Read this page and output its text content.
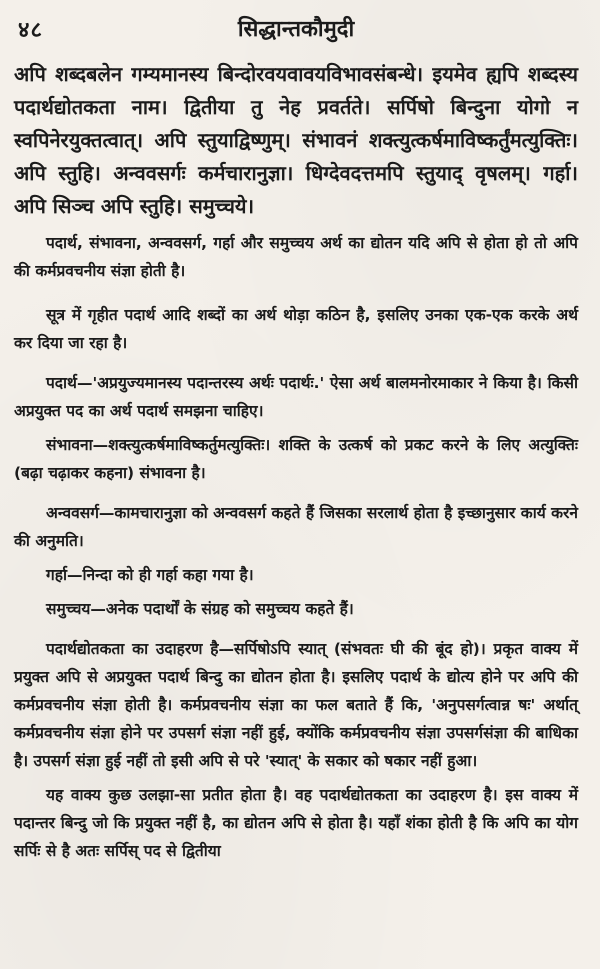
४८	सिद्धान्तकौमुदी
अपि शब्दबलेन गम्यमानस्य बिन्दोरवयवावयविभावसंबन्धे। इयमेव ह्यपि शब्दस्य पदार्थद्योतकता नाम। द्वितीया तु नेह प्रवर्तते। सर्पिषो बिन्दुना योगो न स्वपिनेरयुक्तत्वात्। अपि स्तुयाद्विष्णुम्। संभावनं शक्त्युत्कर्षमाविष्कर्तुंमत्युक्तिः। अपि स्तुहि। अन्ववसर्गः कर्मचारानुज्ञा। धिग्देवदत्तमपि स्तुयाद् वृषलम्। गर्हा। अपि सिञ्च अपि स्तुहि। समुच्चये।

पदार्थ, संभावना, अन्ववसर्ग, गर्हा और समुच्चय अर्थ का द्योतन यदि अपि से होता हो तो अपि की कर्मप्रवचनीय संज्ञा होती है।

सूत्र में गृहीत पदार्थ आदि शब्दों का अर्थ थोड़ा कठिन है, इसलिए उनका एक-एक करके अर्थ कर दिया जा रहा है।

पदार्थ—'अप्रयुज्यमानस्य पदान्तरस्य अर्थः पदार्थः.' ऐसा अर्थ बालमनोरमाकार ने किया है। किसी अप्रयुक्त पद का अर्थ पदार्थ समझना चाहिए।

संभावना—शक्त्युत्कर्षमाविष्कर्तुमत्युक्तिः। शक्ति के उत्कर्ष को प्रकट करने के लिए अत्युक्तिः (बढ़ा चढ़ाकर कहना) संभावना है।

अन्ववसर्ग—कामचारानुज्ञा को अन्ववसर्ग कहते हैं जिसका सरलार्थ होता है इच्छानुसार कार्य करने की अनुमति।

गर्हा—निन्दा को ही गर्हा कहा गया है।

समुच्चय—अनेक पदार्थों के संग्रह को समुच्चय कहते हैं।

पदार्थद्योतकता का उदाहरण है—सर्पिषोऽपि स्यात् (संभवतः घी की बूंद हो)। प्रकृत वाक्य में प्रयुक्त अपि से अप्रयुक्त पदार्थ बिन्दु का द्योतन होता है। इसलिए पदार्थ के द्योत्य होने पर अपि की कर्मप्रवचनीय संज्ञा होती है। कर्मप्रवचनीय संज्ञा का फल बताते हैं कि, 'अनुपसर्गत्वान्न षः' अर्थात् कर्मप्रवचनीय संज्ञा होने पर उपसर्ग संज्ञा नहीं हुई, क्योंकि कर्मप्रवचनीय संज्ञा उपसर्गसंज्ञा की बाधिका है। उपसर्ग संज्ञा हुई नहीं तो इसी अपि से परे 'स्यात्' के सकार को षकार नहीं हुआ।

यह वाक्य कुछ उलझा-सा प्रतीत होता है। वह पदार्थद्योतकता का उदाहरण है। इस वाक्य में पदान्तर बिन्दु जो कि प्रयुक्त नहीं है, का द्योतन अपि से होता है। यहाँ शंका होती है कि अपि का योग सर्पिः से है अतः सर्पिस् पद से द्वितीया
